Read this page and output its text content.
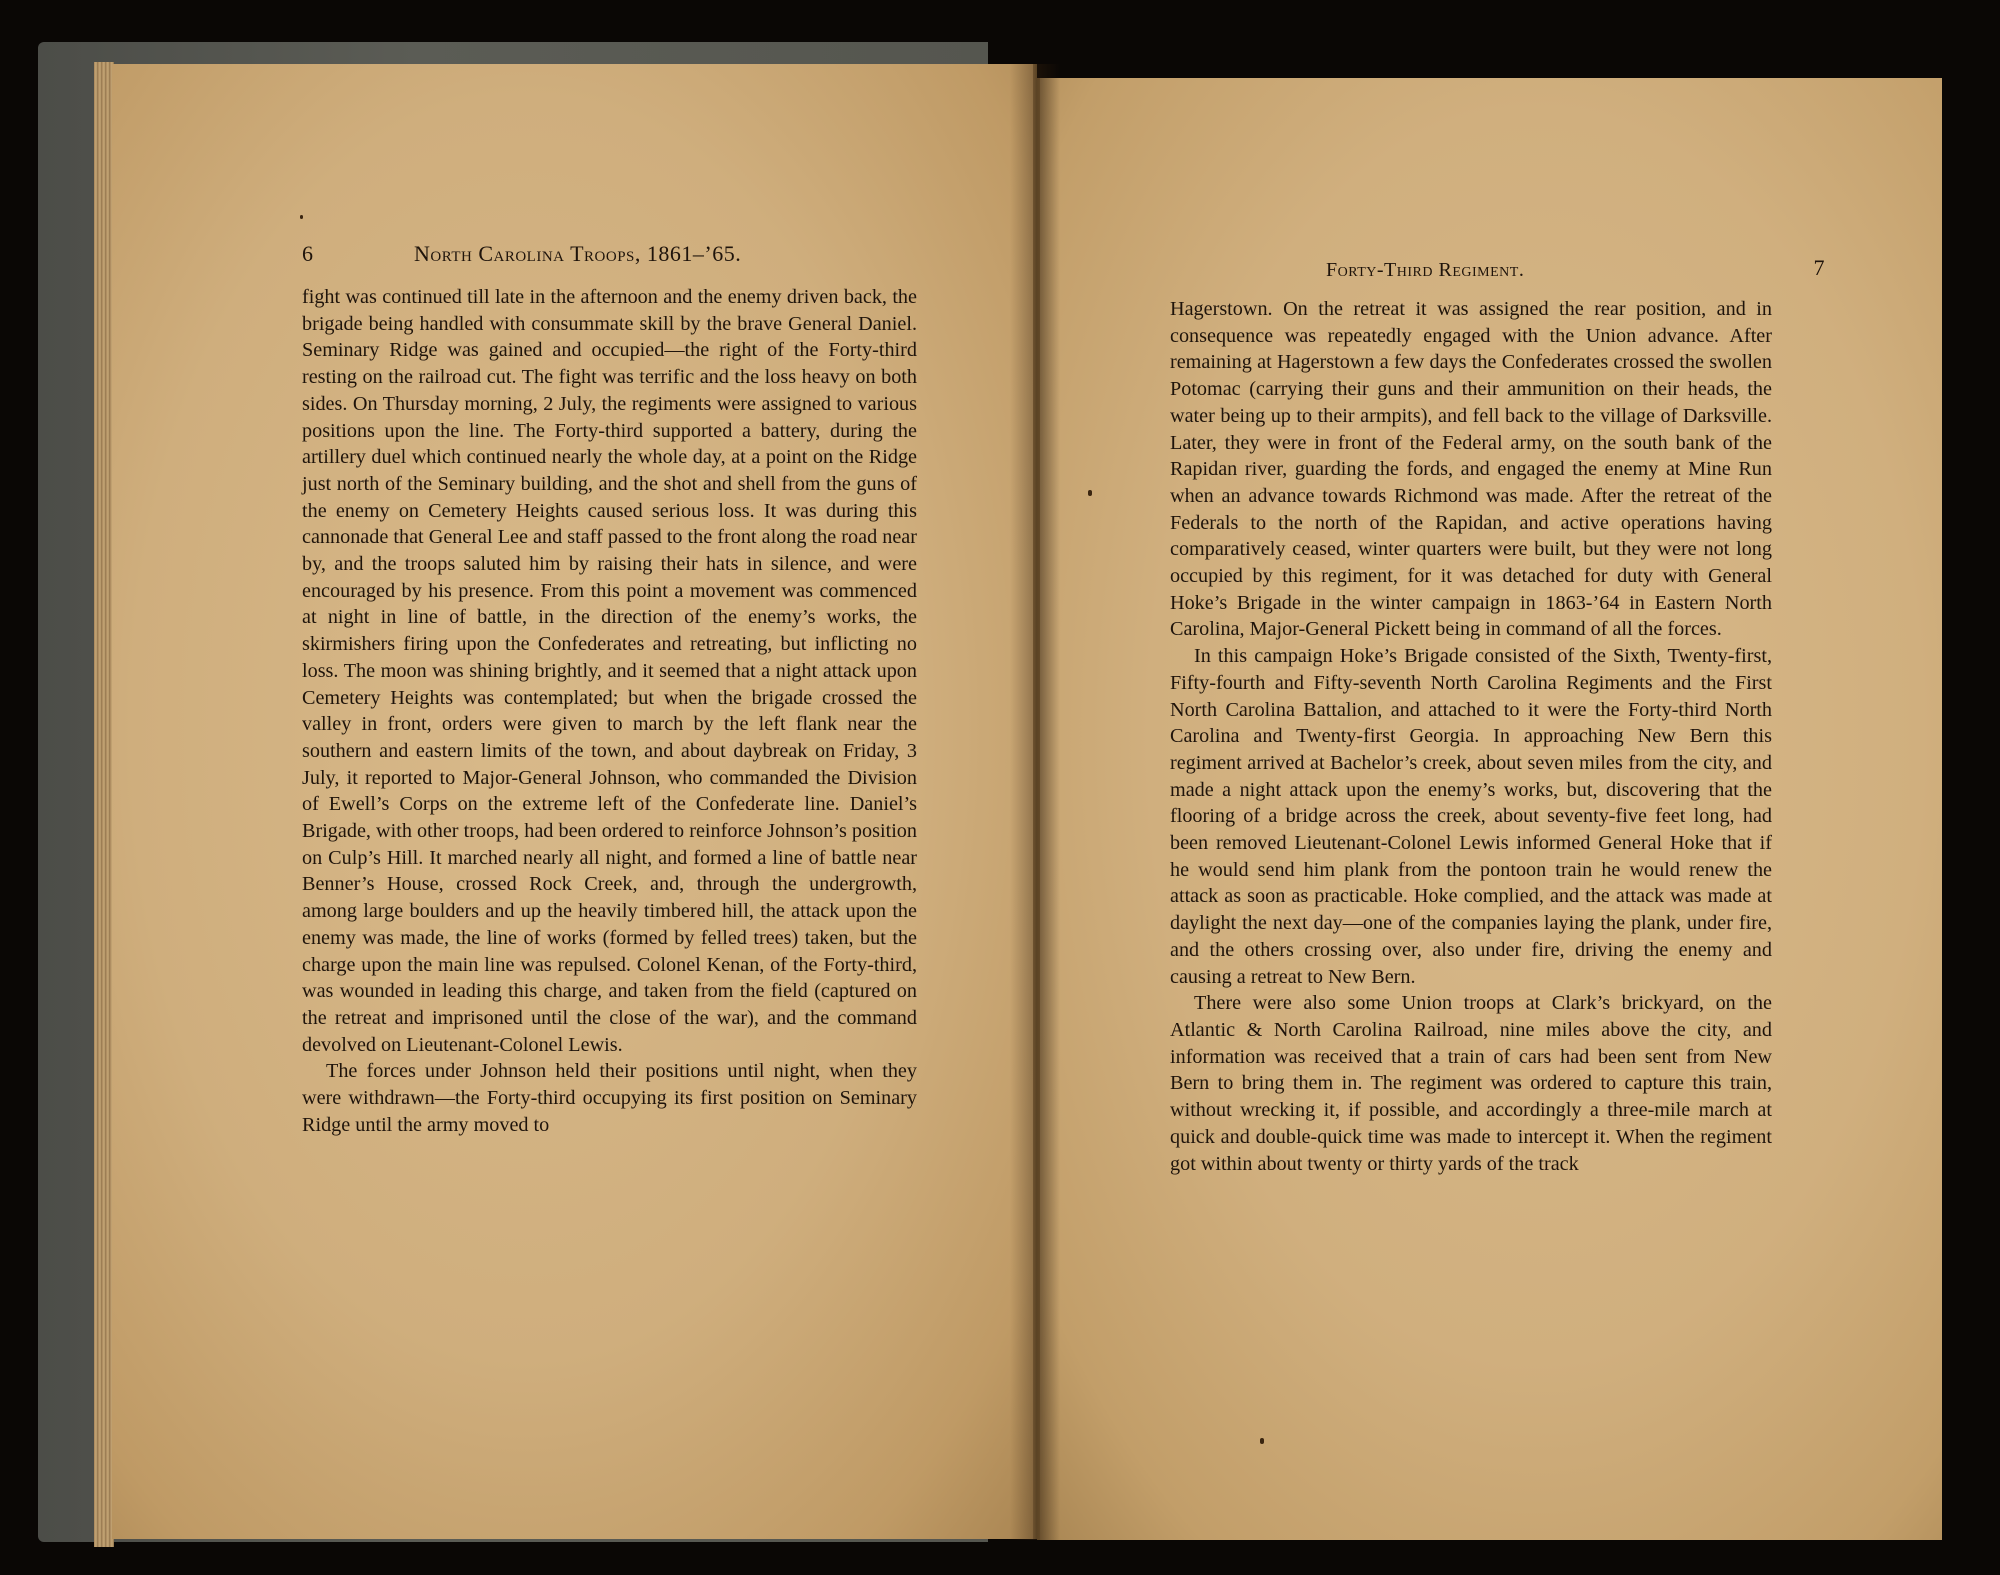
6	North Carolina Troops, 1861–’65.

fight was continued till late in the afternoon and the enemy driven back, the brigade being handled with consummate skill by the brave General Daniel. Seminary Ridge was gained and occupied—the right of the Forty-third resting on the railroad cut. The fight was terrific and the loss heavy on both sides. On Thursday morning, 2 July, the regiments were assigned to various positions upon the line. The Forty-third supported a battery, during the artillery duel which continued nearly the whole day, at a point on the Ridge just north of the Seminary building, and the shot and shell from the guns of the enemy on Cemetery Heights caused serious loss. It was during this cannonade that General Lee and staff passed to the front along the road near by, and the troops saluted him by raising their hats in silence, and were encouraged by his presence. From this point a movement was commenced at night in line of battle, in the direction of the enemy’s works, the skirmishers firing upon the Confederates and retreating, but inflicting no loss. The moon was shining brightly, and it seemed that a night attack upon Cemetery Heights was contemplated; but when the brigade crossed the valley in front, orders were given to march by the left flank near the southern and eastern limits of the town, and about daybreak on Friday, 3 July, it reported to Major-General Johnson, who commanded the Division of Ewell’s Corps on the extreme left of the Confederate line. Daniel’s Brigade, with other troops, had been ordered to reinforce Johnson’s position on Culp’s Hill. It marched nearly all night, and formed a line of battle near Benner’s House, crossed Rock Creek, and, through the undergrowth, among large boulders and up the heavily timbered hill, the attack upon the enemy was made, the line of works (formed by felled trees) taken, but the charge upon the main line was repulsed. Colonel Kenan, of the Forty-third, was wounded in leading this charge, and taken from the field (captured on the retreat and imprisoned until the close of the war), and the command devolved on Lieutenant-Colonel Lewis.

The forces under Johnson held their positions until night, when they were withdrawn—the Forty-third occupying its first position on Seminary Ridge until the army moved to

Forty-Third Regiment.	7

Hagerstown. On the retreat it was assigned the rear position, and in consequence was repeatedly engaged with the Union advance. After remaining at Hagerstown a few days the Confederates crossed the swollen Potomac (carrying their guns and their ammunition on their heads, the water being up to their armpits), and fell back to the village of Darksville. Later, they were in front of the Federal army, on the south bank of the Rapidan river, guarding the fords, and engaged the enemy at Mine Run when an advance towards Richmond was made. After the retreat of the Federals to the north of the Rapidan, and active operations having comparatively ceased, winter quarters were built, but they were not long occupied by this regiment, for it was detached for duty with General Hoke’s Brigade in the winter campaign in 1863-’64 in Eastern North Carolina, Major-General Pickett being in command of all the forces.

In this campaign Hoke’s Brigade consisted of the Sixth, Twenty-first, Fifty-fourth and Fifty-seventh North Carolina Regiments and the First North Carolina Battalion, and attached to it were the Forty-third North Carolina and Twenty-first Georgia. In approaching New Bern this regiment arrived at Bachelor’s creek, about seven miles from the city, and made a night attack upon the enemy’s works, but, discovering that the flooring of a bridge across the creek, about seventy-five feet long, had been removed Lieutenant-Colonel Lewis informed General Hoke that if he would send him plank from the pontoon train he would renew the attack as soon as practicable. Hoke complied, and the attack was made at daylight the next day—one of the companies laying the plank, under fire, and the others crossing over, also under fire, driving the enemy and causing a retreat to New Bern.

There were also some Union troops at Clark’s brickyard, on the Atlantic & North Carolina Railroad, nine miles above the city, and information was received that a train of cars had been sent from New Bern to bring them in. The regiment was ordered to capture this train, without wrecking it, if possible, and accordingly a three-mile march at quick and double-quick time was made to intercept it. When the regiment got within about twenty or thirty yards of the track
